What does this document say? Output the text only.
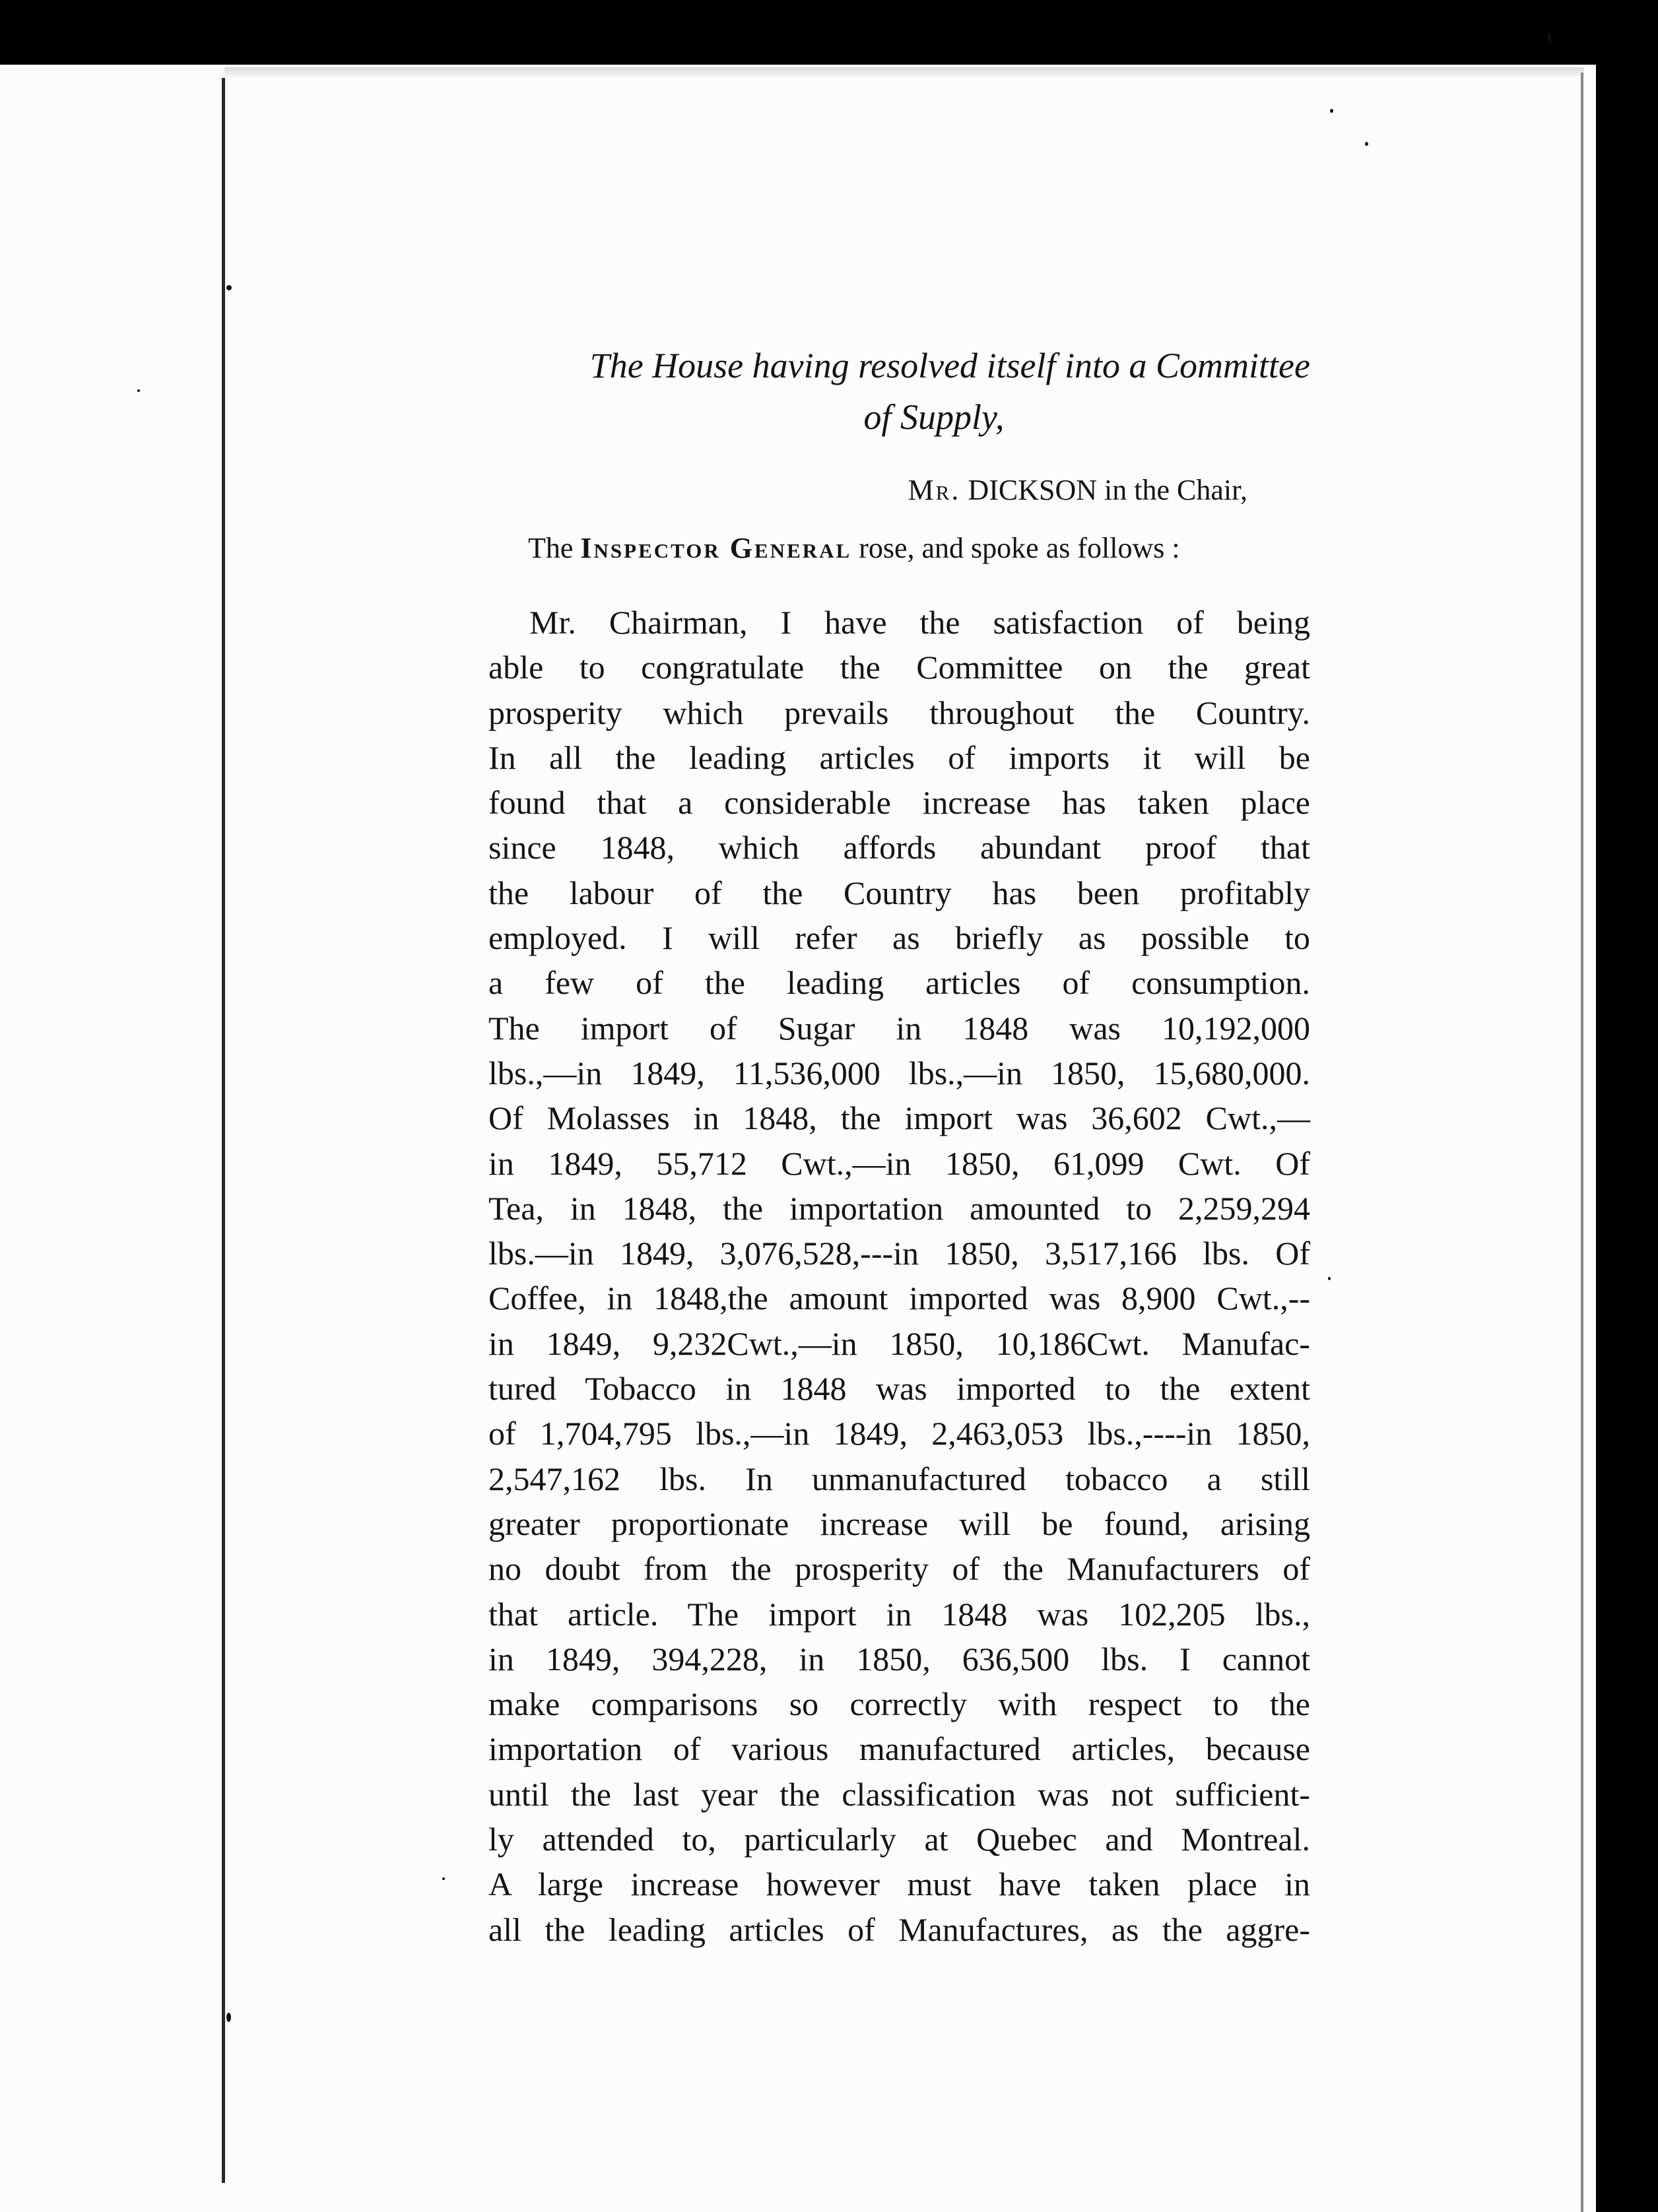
The House having resolved itself into a Committee
of Supply,

Mr. DICKSON in the Chair,

The Inspector General rose, and spoke as follows :

Mr. Chairman, I have the satisfaction of being
able to congratulate the Committee on the great
prosperity which prevails throughout the Country.
In all the leading articles of imports it will be
found that a considerable increase has taken place
since 1848, which affords abundant proof that
the labour of the Country has been profitably
employed. I will refer as briefly as possible to
a few of the leading articles of consumption.
The import of Sugar in 1848 was 10,192,000
lbs.,—in 1849, 11,536,000 lbs.,—in 1850, 15,680,000.
Of Molasses in 1848, the import was 36,602 Cwt.,—
in 1849, 55,712 Cwt.,—in 1850, 61,099 Cwt. Of
Tea, in 1848, the importation amounted to 2,259,294
lbs.—in 1849, 3,076,528,---in 1850, 3,517,166 lbs. Of
Coffee, in 1848,the amount imported was 8,900 Cwt.,--
in 1849, 9,232Cwt.,—in 1850, 10,186Cwt. Manufac-
tured Tobacco in 1848 was imported to the extent
of 1,704,795 lbs.,—in 1849, 2,463,053 lbs.,----in 1850,
2,547,162 lbs. In unmanufactured tobacco a still
greater proportionate increase will be found, arising
no doubt from the prosperity of the Manufacturers of
that article. The import in 1848 was 102,205 lbs.,
in 1849, 394,228, in 1850, 636,500 lbs. I cannot
make comparisons so correctly with respect to the
importation of various manufactured articles, because
until the last year the classification was not sufficient-
ly attended to, particularly at Quebec and Montreal.
A large increase however must have taken place in
all the leading articles of Manufactures, as the aggre-
